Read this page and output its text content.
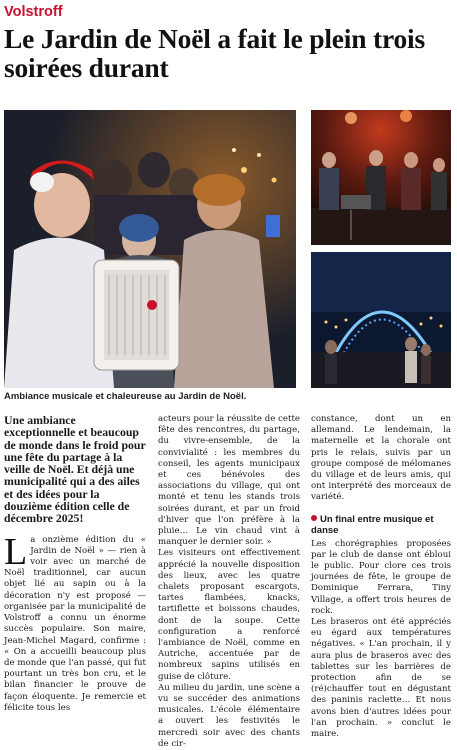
Volstroff
Le Jardin de Noël a fait le plein trois soirées durant
Ambiance musicale et chaleureuse au Jardin de Noël.

Une ambiance exceptionnelle et beaucoup de monde dans le froid pour une fête du partage à la veille de Noël. Et déjà une municipalité qui a des ailes et des idées pour la douzième édition celle de décembre 2025!

La onzième édition du « Jardin de Noël » — rien à voir avec un marché de Noël traditionnel, car aucun objet lié au sapin ou à la décoration n'y est proposé — organisée par la municipalité de Volstroff a connu un énorme succès populaire. Son maire, Jean-Michel Magard, confirme : « On a accueilli beaucoup plus de monde que l'an passé, qui fut pourtant un très bon cru, et le bilan financier le prouve de façon éloquente. Je remercie et félicite tous les

acteurs pour la réussite de cette fête des rencontres, du partage, du vivre-ensemble, de la convivialité : les membres du conseil, les agents municipaux et ces bénévoles des associations du village, qui ont monté et tenu les stands trois soirées durant, et par un froid d'hiver que l'on préfère à la pluie… Le vin chaud vint à manquer le dernier soir. »

Les visiteurs ont effectivement apprécié la nouvelle disposition des lieux, avec les quatre chalets proposant escargots, tartes flambées, knacks, tartiflette et boissons chaudes, dont de la soupe. Cette configuration a renforcé l'ambiance de Noël, comme en Autriche, accentuée par de nombreux sapins utilisés en guise de clôture.

Au milieu du jardin, une scène a vu se succéder des animations musicales. L'école élémentaire a ouvert les festivités le mercredi soir avec des chants de cir-

constance, dont un en allemand. Le lendemain, la maternelle et la chorale ont pris le relais, suivis par un groupe composé de mélomanes du village et de leurs amis, qui ont interprété des morceaux de variété.

Un final entre musique et danse

Les chorégraphies proposées par le club de danse ont ébloui le public. Pour clore ces trois journées de fête, le groupe de Dominique Ferrara, Tiny Village, a offert trois heures de rock.

Les braseros ont été appréciés eu égard aux températures négatives. « L'an prochain, il y aura plus de braseros avec des tablettes sur les barrières de protection afin de se (ré)chauffer tout en dégustant des paninis raclette… Et nous avons bien d'autres idées pour l'an prochain. » conclut le maire.
